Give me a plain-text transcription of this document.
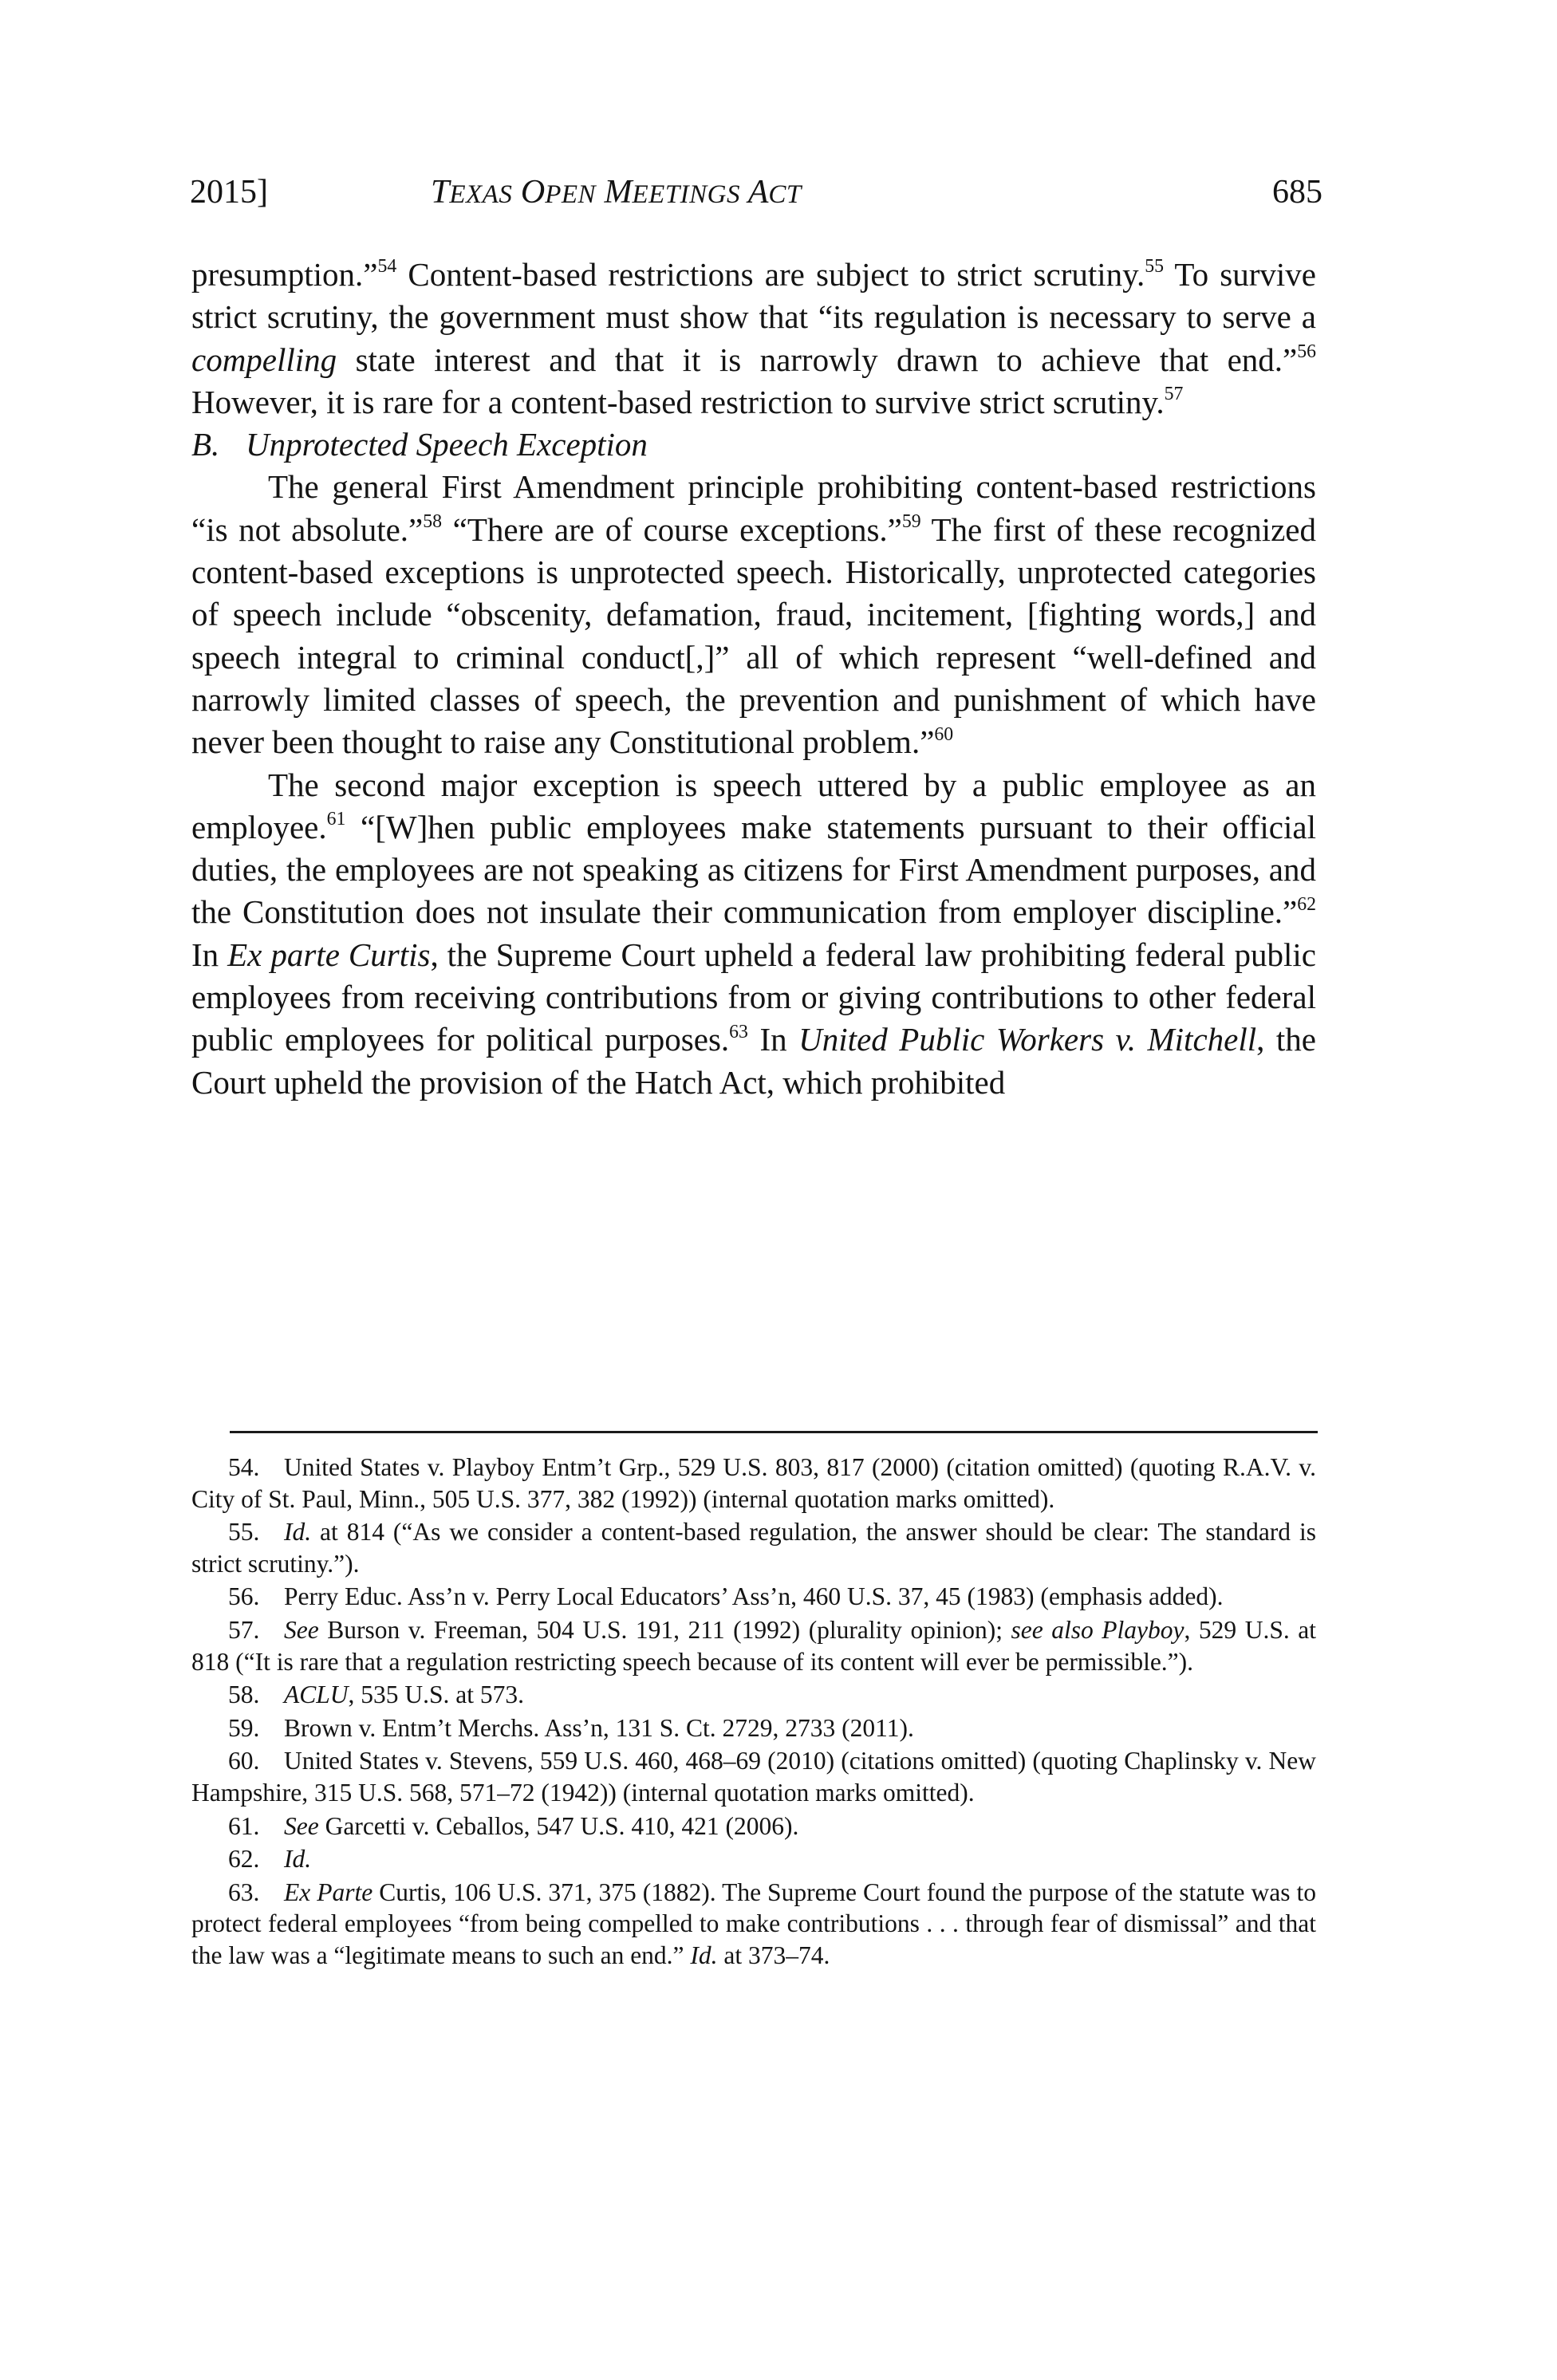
2015]	TEXAS OPEN MEETINGS ACT	685

presumption.”$^{54}$ Content-based restrictions are subject to strict scrutiny.$^{55}$ To survive strict scrutiny, the government must show that “its regulation is necessary to serve a compelling state interest and that it is narrowly drawn to achieve that end.”$^{56}$ However, it is rare for a content-based restriction to survive strict scrutiny.$^{57}$

B. Unprotected Speech Exception

The general First Amendment principle prohibiting content-based restrictions “is not absolute.”$^{58}$ “There are of course exceptions.”$^{59}$ The first of these recognized content-based exceptions is unprotected speech. Historically, unprotected categories of speech include “obscenity, defamation, fraud, incitement, [fighting words,] and speech integral to criminal conduct[,]” all of which represent “well-defined and narrowly limited classes of speech, the prevention and punishment of which have never been thought to raise any Constitutional problem.”$^{60}$

The second major exception is speech uttered by a public employee as an employee.$^{61}$ “[W]hen public employees make statements pursuant to their official duties, the employees are not speaking as citizens for First Amendment purposes, and the Constitution does not insulate their communication from employer discipline.”$^{62}$ In Ex parte Curtis, the Supreme Court upheld a federal law prohibiting federal public employees from receiving contributions from or giving contributions to other federal public employees for political purposes.$^{63}$ In United Public Workers v. Mitchell, the Court upheld the provision of the Hatch Act, which prohibited

54. United States v. Playboy Entm’t Grp., 529 U.S. 803, 817 (2000) (citation omitted) (quoting R.A.V. v. City of St. Paul, Minn., 505 U.S. 377, 382 (1992)) (internal quotation marks omitted).

55. Id. at 814 (“As we consider a content-based regulation, the answer should be clear: The standard is strict scrutiny.”).

56. Perry Educ. Ass’n v. Perry Local Educators’ Ass’n, 460 U.S. 37, 45 (1983) (emphasis added).

57. See Burson v. Freeman, 504 U.S. 191, 211 (1992) (plurality opinion); see also Playboy, 529 U.S. at 818 (“It is rare that a regulation restricting speech because of its content will ever be permissible.”).

58. ACLU, 535 U.S. at 573.

59. Brown v. Entm’t Merchs. Ass’n, 131 S. Ct. 2729, 2733 (2011).

60. United States v. Stevens, 559 U.S. 460, 468–69 (2010) (citations omitted) (quoting Chaplinsky v. New Hampshire, 315 U.S. 568, 571–72 (1942)) (internal quotation marks omitted).

61. See Garcetti v. Ceballos, 547 U.S. 410, 421 (2006).

62. Id.

63. Ex Parte Curtis, 106 U.S. 371, 375 (1882). The Supreme Court found the purpose of the statute was to protect federal employees “from being compelled to make contributions . . . through fear of dismissal” and that the law was a “legitimate means to such an end.” Id. at 373–74.
